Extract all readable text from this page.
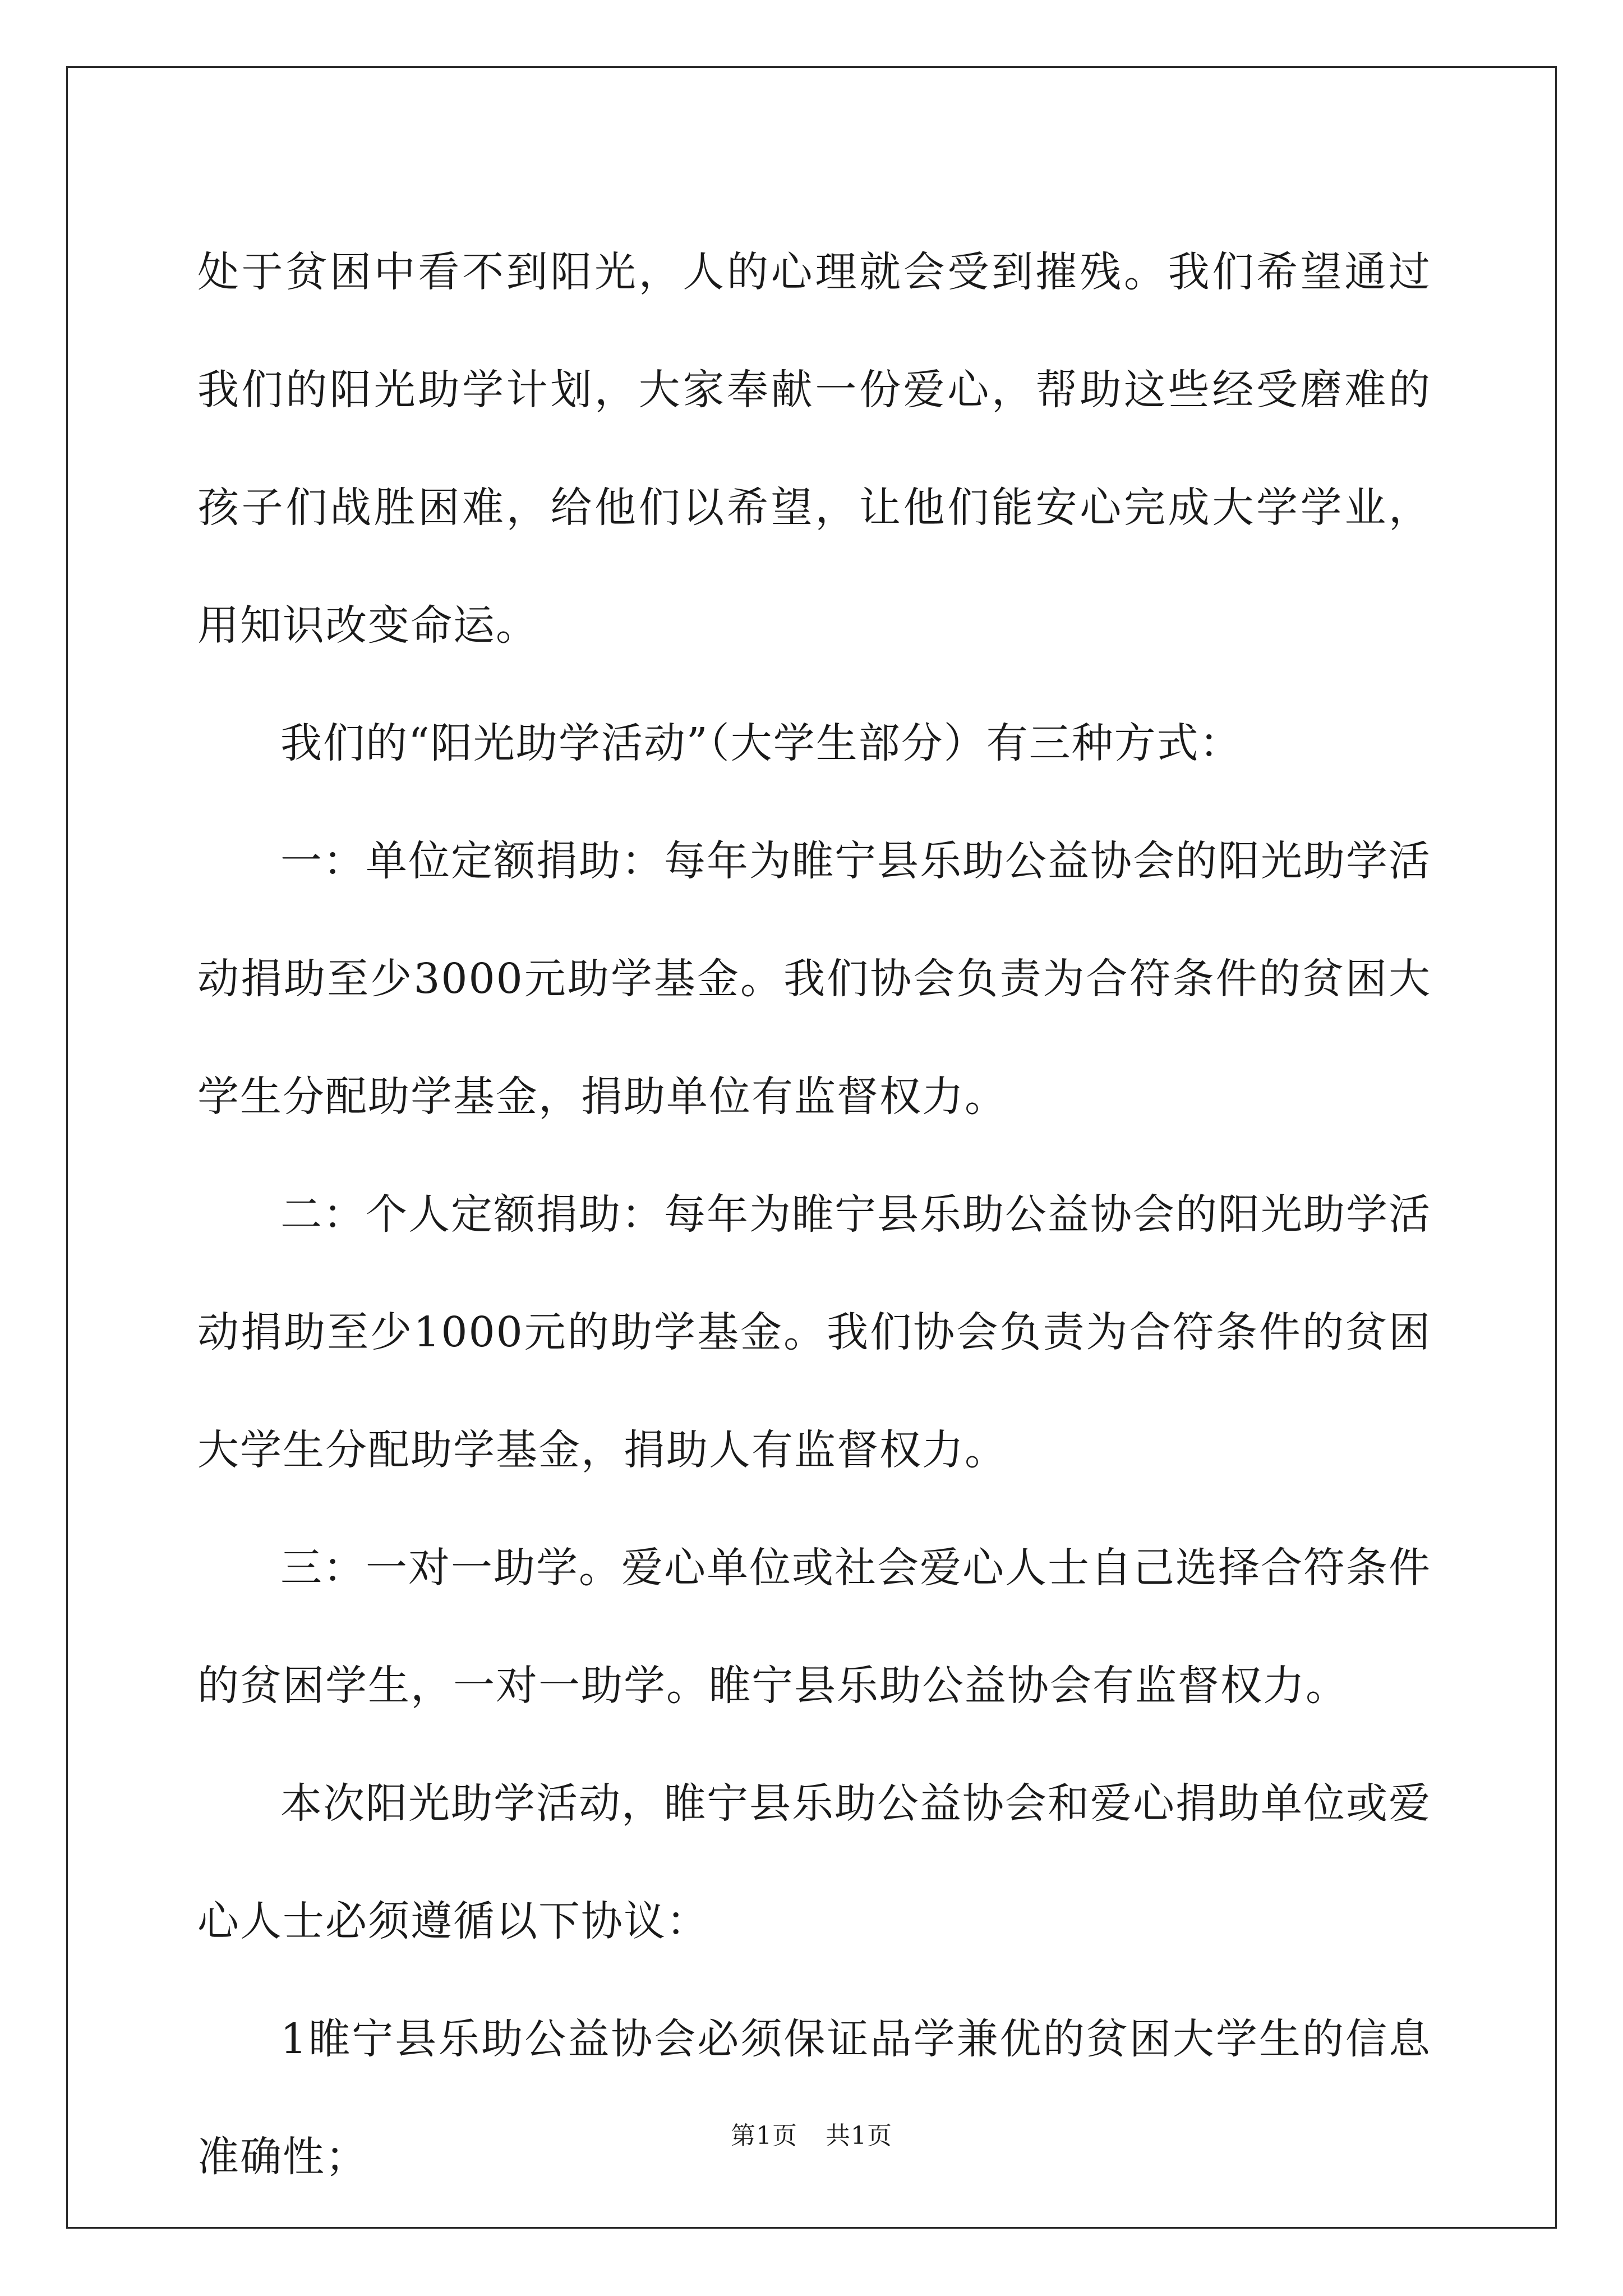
处于贫困中看不到阳光，人的心理就会受到摧残。我们希望通过我们的阳光助学计划，大家奉献一份爱心，帮助这些经受磨难的孩子们战胜困难，给他们以希望，让他们能安心完成大学学业，用知识改变命运。

我们的“阳光助学活动”（大学生部分）有三种方式：

一：单位定额捐助：每年为睢宁县乐助公益协会的阳光助学活动捐助至少3000元助学基金。我们协会负责为合符条件的贫困大学生分配助学基金，捐助单位有监督权力。

二：个人定额捐助：每年为睢宁县乐助公益协会的阳光助学活动捐助至少1000元的助学基金。我们协会负责为合符条件的贫困大学生分配助学基金，捐助人有监督权力。

三：一对一助学。爱心单位或社会爱心人士自己选择合符条件的贫困学生，一对一助学。睢宁县乐助公益协会有监督权力。

本次阳光助学活动，睢宁县乐助公益协会和爱心捐助单位或爱心人士必须遵循以下协议：

1睢宁县乐助公益协会必须保证品学兼优的贫困大学生的信息准确性；	第1页 共1页
